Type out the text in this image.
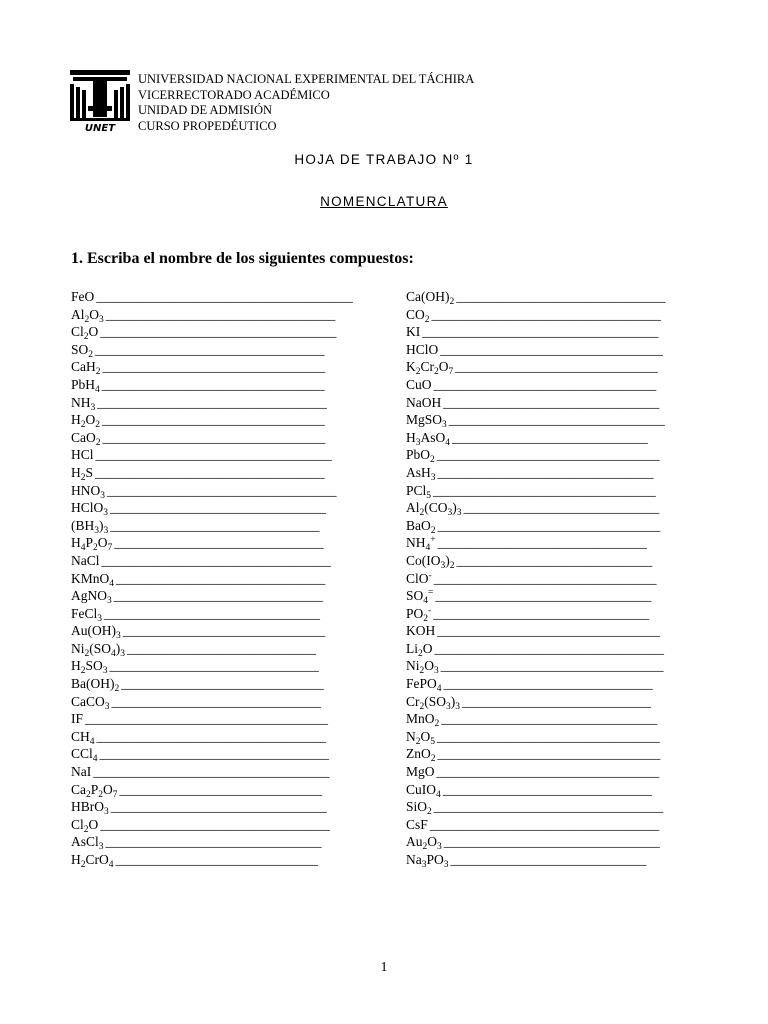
UNET
UNIVERSIDAD NACIONAL EXPERIMENTAL DEL TÁCHIRA
VICERRECTORADO ACADÉMICO
UNIDAD DE ADMISIÓN
CURSO PROPEDÉUTICO
HOJA DE TRABAJO Nº 1
NOMENCLATURA
1. Escriba el nombre de los siguientes compuestos:
FeO ______________________________________
$Al_2O_3$ __________________________________
$Cl_2O$ ___________________________________
$SO_2$ __________________________________
CaH$_2$ _________________________________
PbH$_4$ _________________________________
$NH_3$ __________________________________
$H_2O_2$ _________________________________
CaO$_2$ _________________________________
HCl ___________________________________
$H_2S$ __________________________________
$HNO_3$ __________________________________
HClO$_3$ ________________________________
$(BH_3)_3$ _______________________________
$H_4P_2O_7$ _______________________________
NaCl __________________________________
KMnO$_4$ _______________________________
AgNO$_3$ _______________________________
FeCl$_3$ ________________________________
$Au(OH)_3$ ______________________________
$Ni_2(SO_4)_3$ ____________________________
$H_2SO_3$ _______________________________
$Ba(OH)_2$ ______________________________
CaCO$_3$ _______________________________
IF ____________________________________
$CH_4$ __________________________________
CCl$_4$ __________________________________
NaI ___________________________________
$Ca_2P_2O_7$ ______________________________
HBrO$_3$ ________________________________
$Cl_2O$ __________________________________
AsCl$_3$ ________________________________
$H_2CrO_4$ ______________________________
$Ca(OH)_2$ _______________________________
$CO_2$ __________________________________
KI ___________________________________
HClO _________________________________
$K_2Cr_2O_7$ ______________________________
CuO _________________________________
NaOH ________________________________
MgSO$_3$ ________________________________
$H_3AsO_4$ _____________________________
PbO$_2$ _________________________________
AsH$_3$ ________________________________
PCl$_5$ _________________________________
$Al_2(CO_3)_3$ _____________________________
BaO$_2$ _________________________________
$NH_4^+$ _______________________________
$Co(IO_3)_2$ _____________________________
ClO- _________________________________
$SO_4^=$ ________________________________
$PO_2^-$ ________________________________
KOH _________________________________
$Li_2O$ __________________________________
$Ni_2O_3$ _________________________________
FePO$_4$ _______________________________
$Cr_2(SO_3)_3$ ____________________________
MnO$_2$ ________________________________
$N_2O_5$ _________________________________
ZnO$_2$ _________________________________
MgO _________________________________
CuIO$_4$ _______________________________
SiO$_2$ __________________________________
CsF __________________________________
$Au_2O_3$ ________________________________
$Na_3PO_3$ _____________________________
1
